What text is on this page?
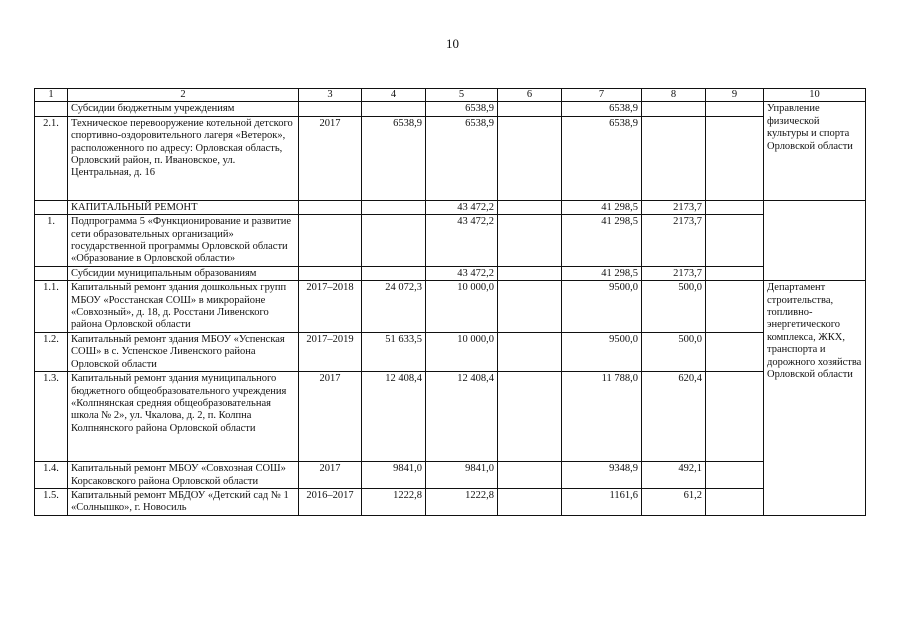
10
1	2	3	4	5	6	7	8	9	10
	Субсидии бюджетным учреждениям			6538,9		6538,9			Управление физической культуры и спорта Орловской области
2.1.	Техническое перевооружение котельной детского спортивно-оздоровительного лагеря «Ветерок», расположенного по адресу: Орловская область, Орловский район, п. Ивановское, ул. Центральная, д. 16	2017	6538,9	6538,9		6538,9			
	КАПИТАЛЬНЫЙ РЕМОНТ			43 472,2		41 298,5	2173,7		
1.	Подпрограмма 5 «Функционирование и развитие сети образовательных организаций» государственной программы Орловской области «Образование в Орловской области»			43 472,2		41 298,5	2173,7		
	Субсидии муниципальным образованиям			43 472,2		41 298,5	2173,7		
1.1.	Капитальный ремонт здания дошкольных групп МБОУ «Росстанская СОШ» в микрорайоне «Совхозный», д. 18, д. Росстани Ливенского района Орловской области	2017–2018	24 072,3	10 000,0		9500,0	500,0		Департамент строительства, топливно-энергетического комплекса, ЖКХ, транспорта и дорожного хозяйства Орловской области
1.2.	Капитальный ремонт здания МБОУ «Успенская СОШ» в с. Успенское Ливенского района Орловской области	2017–2019	51 633,5	10 000,0		9500,0	500,0		
1.3.	Капитальный ремонт здания муниципального бюджетного общеобразовательного учреждения «Колпнянская средняя общеобразовательная школа № 2», ул. Чкалова, д. 2, п. Колпна Колпнянского района Орловской области	2017	12 408,4	12 408,4		11 788,0	620,4		
1.4.	Капитальный ремонт МБОУ «Совхозная СОШ» Корсаковского района Орловской области	2017	9841,0	9841,0		9348,9	492,1		
1.5.	Капитальный ремонт МБДОУ «Детский сад № 1 «Солнышко», г. Новосиль	2016–2017	1222,8	1222,8		1161,6	61,2		
